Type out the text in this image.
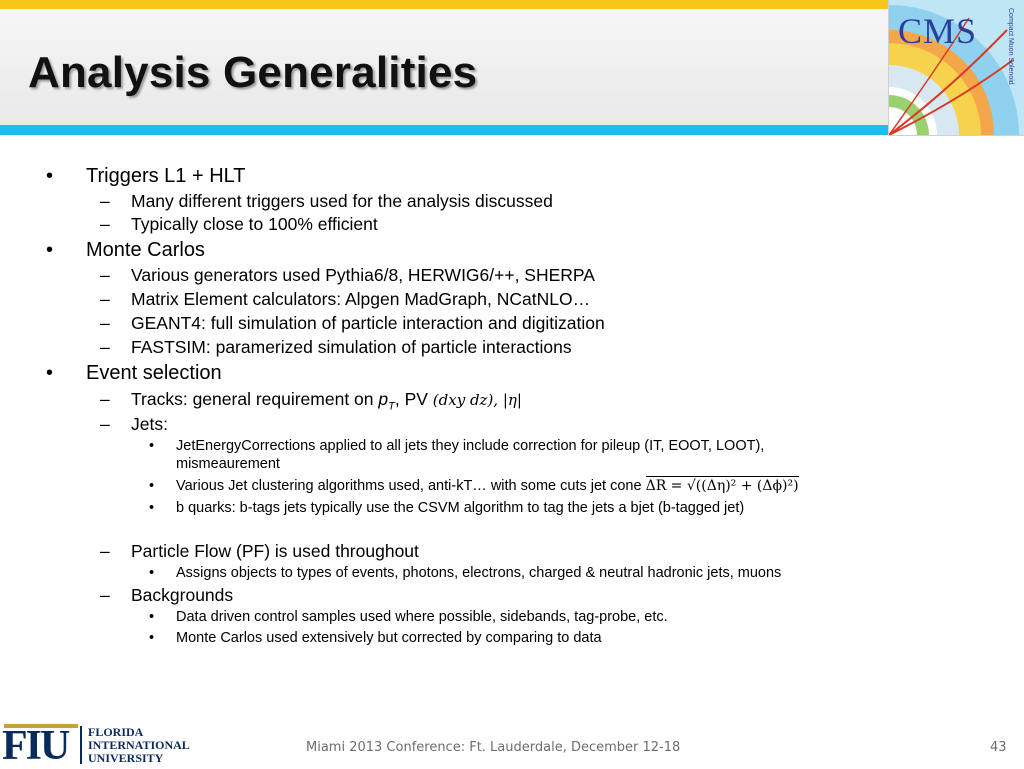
Analysis Generalities
CMS	Compact Muon Solenoid
• Triggers L1 + HLT
– Many different triggers used for the analysis discussed
– Typically close to 100% efficient
• Monte Carlos
– Various generators used Pythia6/8, HERWIG6/++, SHERPA
– Matrix Element calculators: Alpgen MadGraph, NCatNLO…
– GEANT4: full simulation of particle interaction and digitization
– FASTSIM: paramerized simulation of particle interactions
• Event selection
– Tracks: general requirement on $p_T$, PV (dxy dz), |η|
– Jets:
• JetEnergyCorrections applied to all jets they include correction for pileup (IT, EOOT, LOOT),
mismeaurement
• Various Jet clustering algorithms used, anti-kT… with some cuts jet cone ΔR = √((Δη)² + (Δϕ)²)
• b quarks: b-tags jets typically use the CSVM algorithm to tag the jets a bjet (b-tagged jet)
– Particle Flow (PF) is used throughout
• Assigns objects to types of events, photons, electrons, charged & neutral hadronic jets, muons
– Backgrounds
• Data driven control samples used where possible, sidebands, tag-probe, etc.
• Monte Carlos used extensively but corrected by comparing to data
FIU FLORIDA
INTERNATIONAL
UNIVERSITY
Miami 2013 Conference: Ft. Lauderdale, December 12-18	43
